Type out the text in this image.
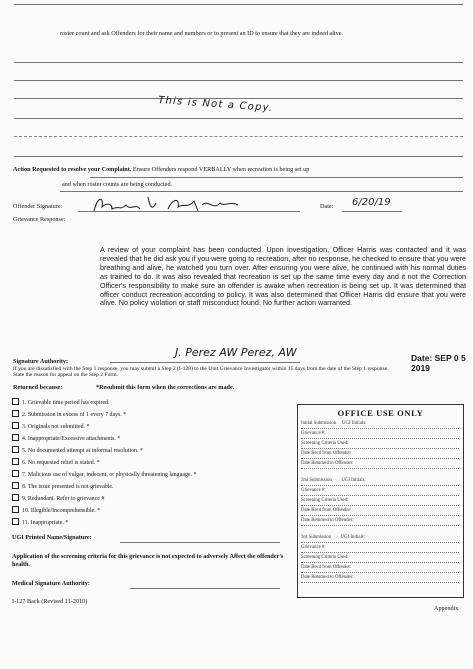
roster count and ask Offenders for their name and numbers or to present an ID to ensure that they are indeed alive.
This is Not a Copy.
Action Requested to resolve your Complaint. Ensure Offenders respond VERBALLY when recreation is being set up
and when roster counts are being conducted.
Offender Signature:	Date: 6/20/19
Grievance Response:

A review of your complaint has been conducted. Upon investigation, Officer Harris was contacted and it was revealed that he did ask you if you were going to recreation, after no response, he checked to ensure that you were breathing and alive, he watched you turn over. After ensuring you were alive, he continued with his normal duties as trained to do. It was also revealed that recreation is set up the same time every day and it not the Correction Officer's responsibility to make sure an offender is awake when recreation is being set up. It was determined that officer conduct recreation according to policy. It was also determined that Officer Harris did ensure that you were alive. No policy violation or staff misconduct found. No further action warranted.

Signature Authority:
J. Perez AW Perez, AW	Date: SEP 0 5 2019
If you are dissatisfied with the Step 1 response, you may submit a Step 2 (I-128) to the Unit Grievance Investigator within 15 days from the date of the Step 1 response.
State the reason for appeal on the Step 2 Form.
Returned because:	*Resubmit this form when the corrections are made.
1. Grievable time period has expired.
2. Submission in excess of 1 every 7 days. *
3. Originals not submitted. *
4. Inappropriate/Excessive attachments. *
5. No documented attempt at informal resolution. *
6. No requested relief is stated. *
7. Malicious use of vulgar, indecent, or physically threatening language. *
8. The issue presented is not grievable.
9. Redundant. Refer to grievance #
10. Illegible/Incomprehensible. *
11. Inappropriate. *
UGI Printed Name/Signature:
Application of the screening criteria for this grievance is not expected to adversely Affect the offender's health.
Medical Signature Authority:
I-127 Back (Revised 11-2010)
Appendix
OFFICE USE ONLY
Initial Submission UGI Initials:
Grievance #:
Screening Criteria Used:
Date Recd from Offender:
Date Returned to Offender:
2nd Submission UGI Initials:
Grievance #:
Screening Criteria Used:
Date Recd from Offender:
Date Returned to Offender:
3rd Submission UGI Initials:
Grievance #:
Screening Criteria Used:
Date Recd from Offender:
Date Returned to Offender:
